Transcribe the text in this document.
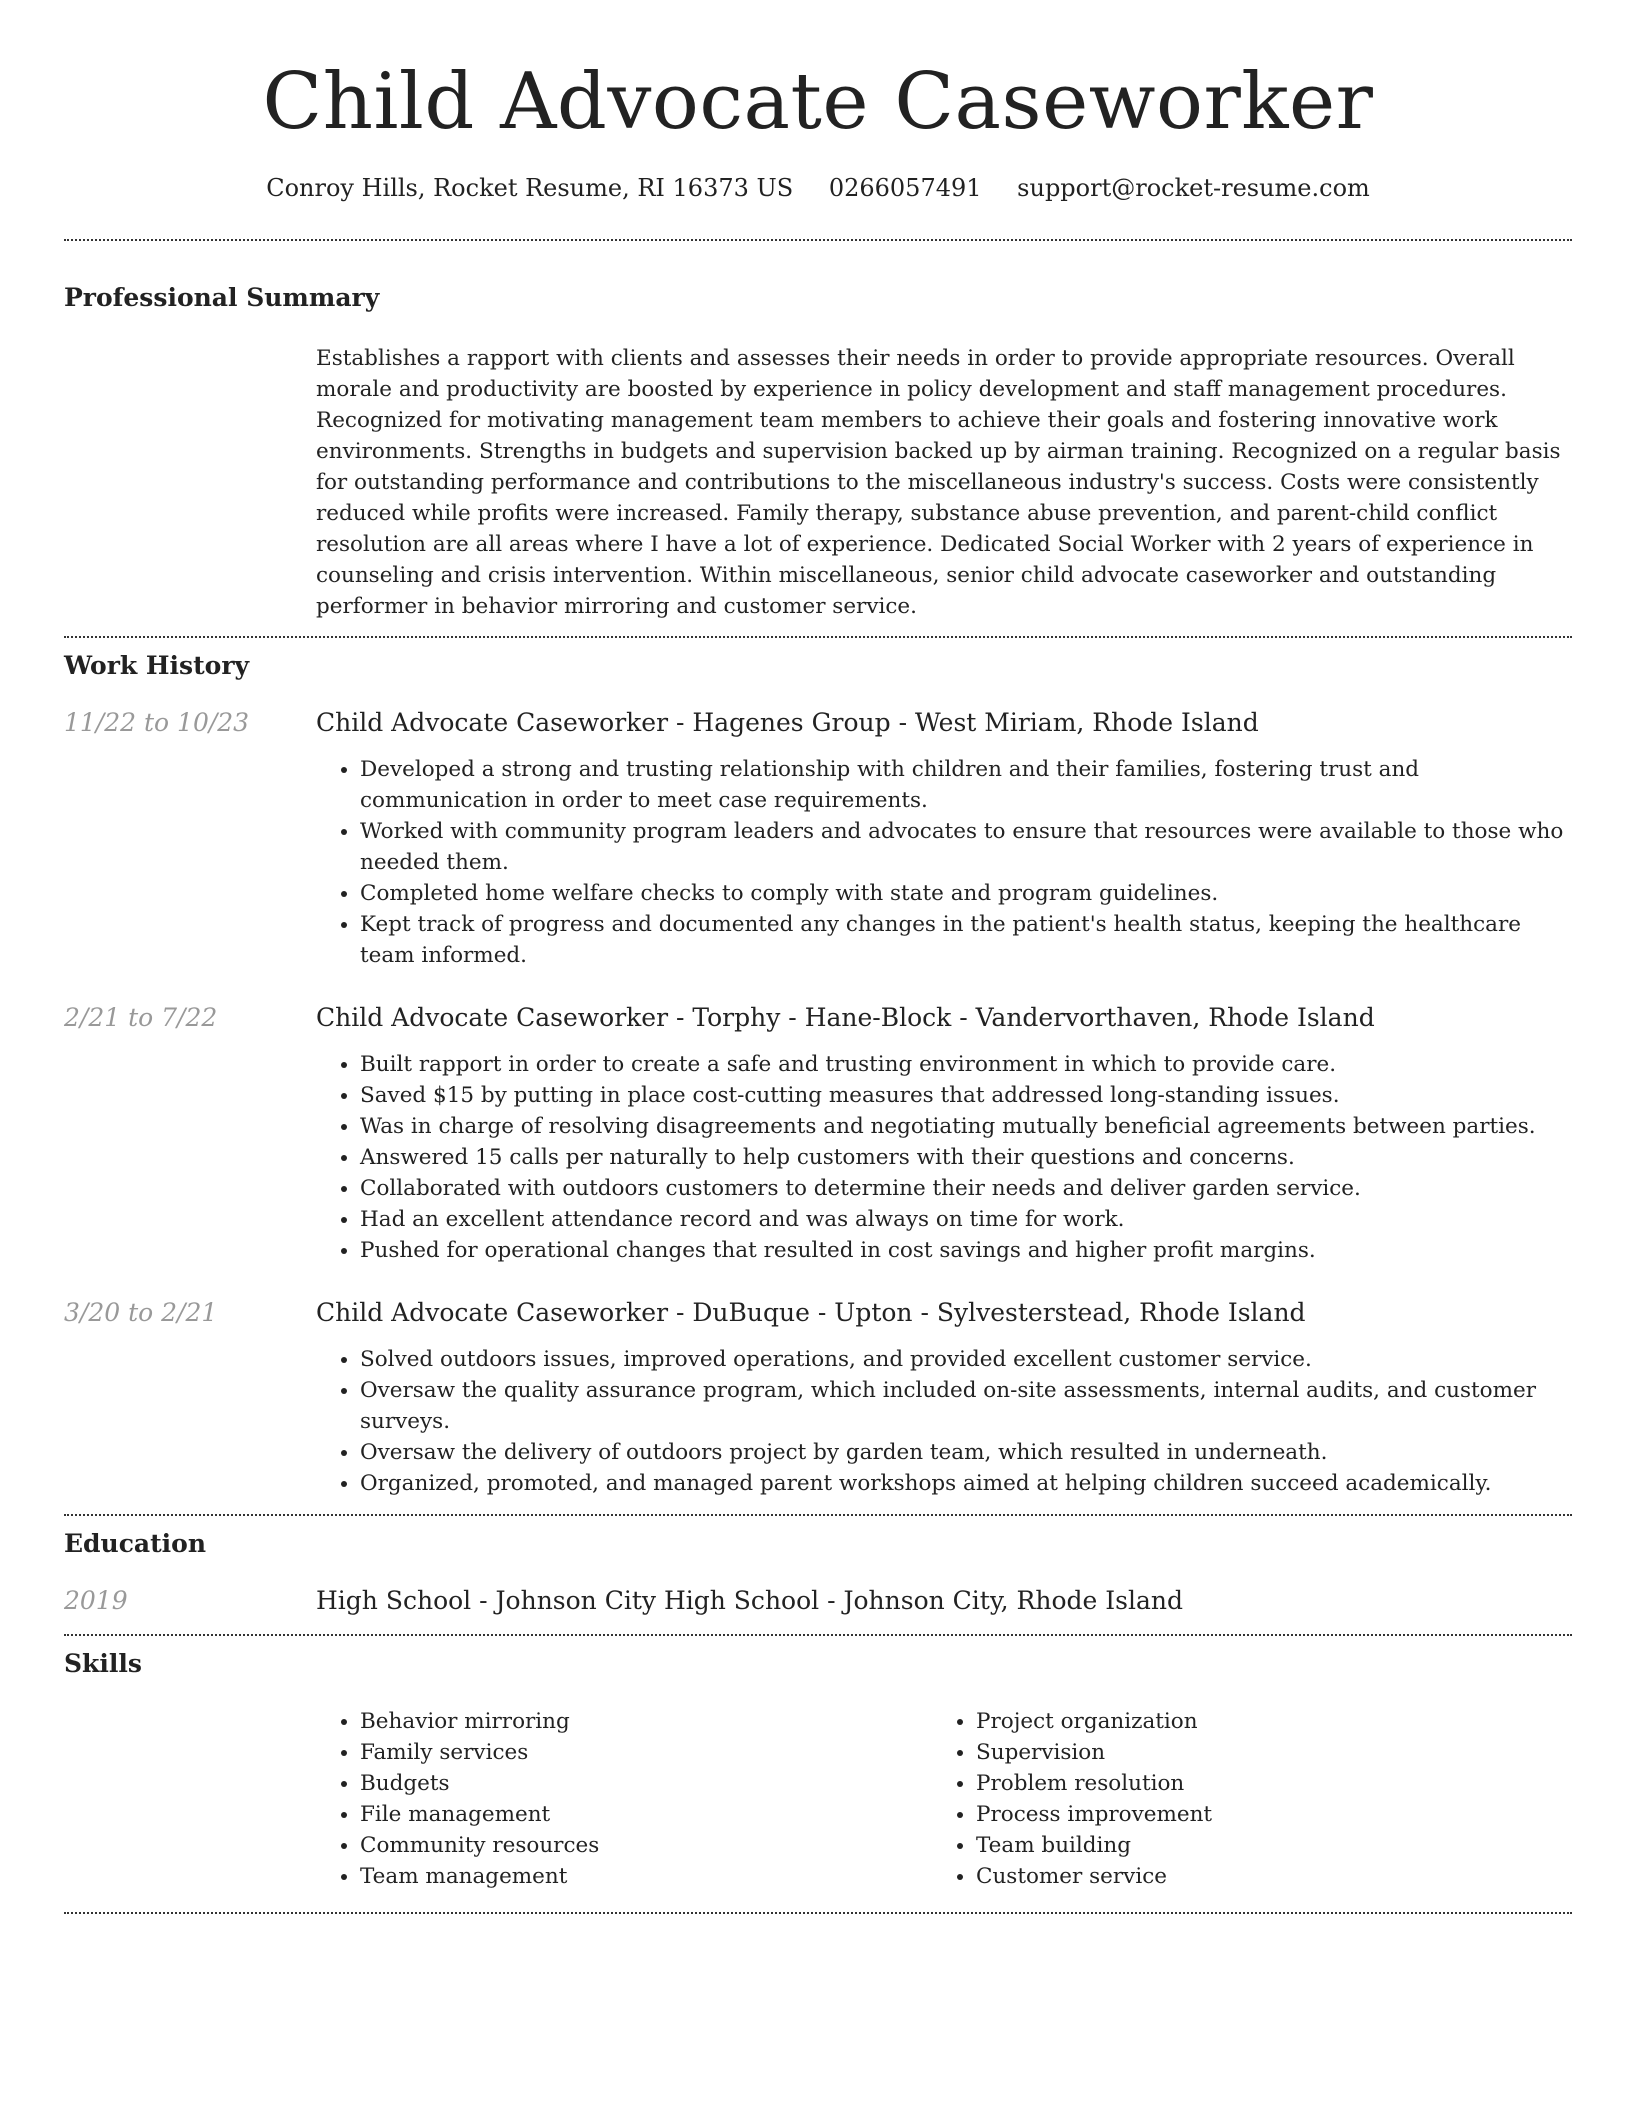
Child Advocate Caseworker
Conroy Hills, Rocket Resume, RI 16373 US 0266057491 support@rocket-resume.com
Professional Summary

Establishes a rapport with clients and assesses their needs in order to provide appropriate resources. Overall morale and productivity are boosted by experience in policy development and staff management procedures. Recognized for motivating management team members to achieve their goals and fostering innovative work environments. Strengths in budgets and supervision backed up by airman training. Recognized on a regular basis for outstanding performance and contributions to the miscellaneous industry's success. Costs were consistently reduced while profits were increased. Family therapy, substance abuse prevention, and parent-child conflict resolution are all areas where I have a lot of experience. Dedicated Social Worker with 2 years of experience in counseling and crisis intervention. Within miscellaneous, senior child advocate caseworker and outstanding performer in behavior mirroring and customer service.

Work History
11/22 to 10/23	Child Advocate Caseworker - Hagenes Group - West Miriam, Rhode Island
• Developed a strong and trusting relationship with children and their families, fostering trust and communication in order to meet case requirements.
• Worked with community program leaders and advocates to ensure that resources were available to those who needed them.
• Completed home welfare checks to comply with state and program guidelines.
• Kept track of progress and documented any changes in the patient's health status, keeping the healthcare team informed.
2/21 to 7/22	Child Advocate Caseworker - Torphy - Hane-Block - Vandervorthaven, Rhode Island
• Built rapport in order to create a safe and trusting environment in which to provide care.
• Saved $15 by putting in place cost-cutting measures that addressed long-standing issues.
• Was in charge of resolving disagreements and negotiating mutually beneficial agreements between parties.
• Answered 15 calls per naturally to help customers with their questions and concerns.
• Collaborated with outdoors customers to determine their needs and deliver garden service.
• Had an excellent attendance record and was always on time for work.
• Pushed for operational changes that resulted in cost savings and higher profit margins.
3/20 to 2/21	Child Advocate Caseworker - DuBuque - Upton - Sylvesterstead, Rhode Island
• Solved outdoors issues, improved operations, and provided excellent customer service.
• Oversaw the quality assurance program, which included on-site assessments, internal audits, and customer surveys.
• Oversaw the delivery of outdoors project by garden team, which resulted in underneath.
• Organized, promoted, and managed parent workshops aimed at helping children succeed academically.
Education
2019	High School - Johnson City High School - Johnson City, Rhode Island
Skills
• Behavior mirroring
• Family services
• Budgets
• File management
• Community resources
• Team management
• Project organization
• Supervision
• Problem resolution
• Process improvement
• Team building
• Customer service
